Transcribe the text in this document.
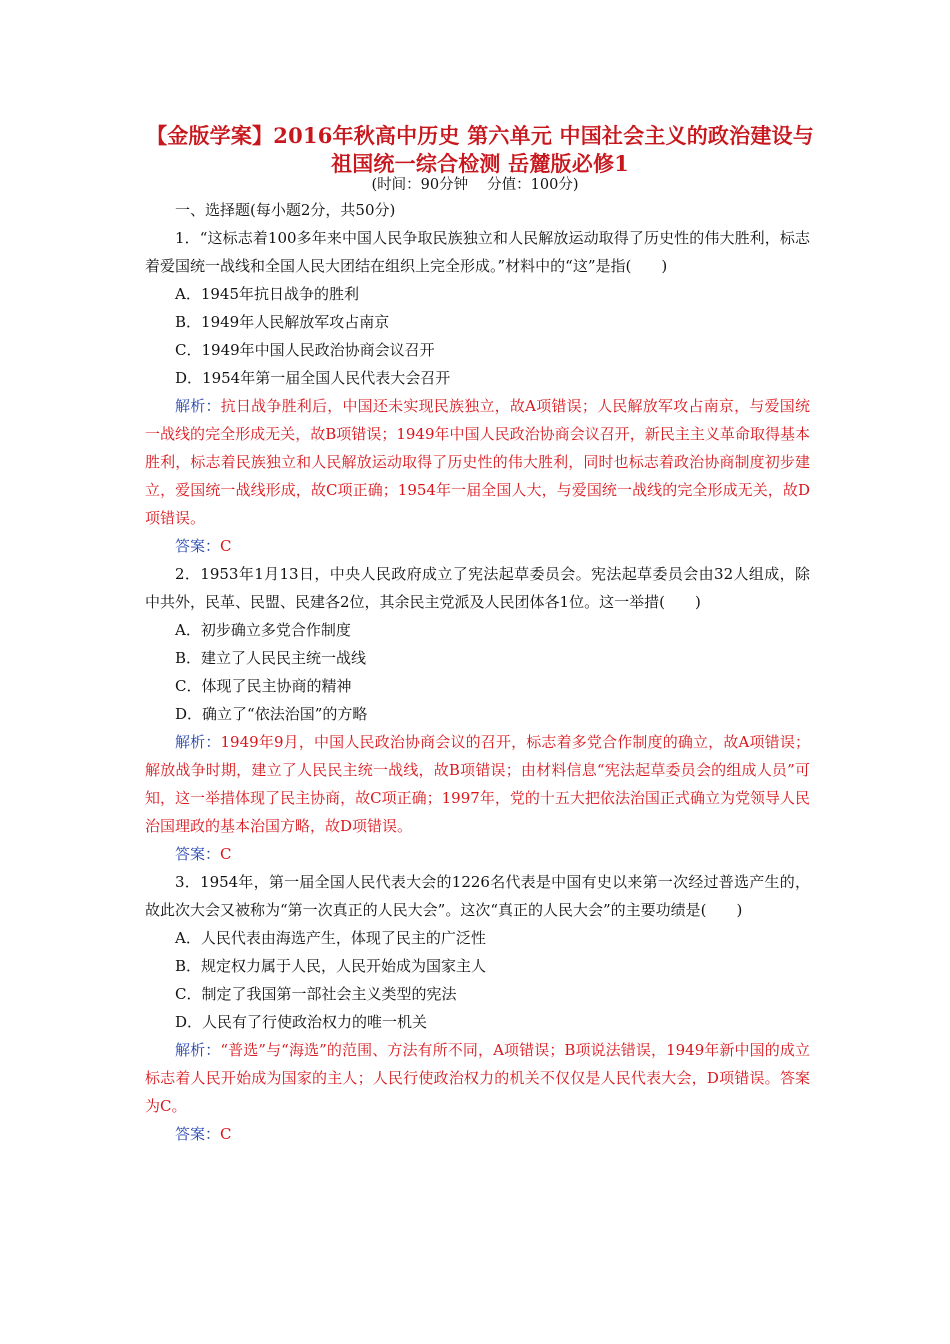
【金版学案】2016年秋高中历史 第六单元 中国社会主义的政治建设与祖国统一综合检测 岳麓版必修1
(时间：90分钟　 分值：100分)
一、选择题(每小题2分，共50分)

1．“这标志着100多年来中国人民争取民族独立和人民解放运动取得了历史性的伟大胜利，标志着爱国统一战线和全国人民大团结在组织上完全形成。”材料中的“这”是指(　　)

A．1945年抗日战争的胜利
B．1949年人民解放军攻占南京
C．1949年中国人民政治协商会议召开
D．1954年第一届全国人民代表大会召开

解析：抗日战争胜利后，中国还未实现民族独立，故A项错误；人民解放军攻占南京，与爱国统一战线的完全形成无关，故B项错误；1949年中国人民政治协商会议召开，新民主主义革命取得基本胜利，标志着民族独立和人民解放运动取得了历史性的伟大胜利，同时也标志着政治协商制度初步建立，爱国统一战线形成，故C项正确；1954年一届全国人大，与爱国统一战线的完全形成无关，故D项错误。

答案：C

2．1953年1月13日，中央人民政府成立了宪法起草委员会。宪法起草委员会由32人组成，除中共外，民革、民盟、民建各2位，其余民主党派及人民团体各1位。这一举措(　　)

A．初步确立多党合作制度
B．建立了人民民主统一战线
C．体现了民主协商的精神
D．确立了“依法治国”的方略

解析：1949年9月，中国人民政治协商会议的召开，标志着多党合作制度的确立，故A项错误；解放战争时期，建立了人民民主统一战线，故B项错误；由材料信息“宪法起草委员会的组成人员”可知，这一举措体现了民主协商，故C项正确；1997年，党的十五大把依法治国正式确立为党领导人民治国理政的基本治国方略，故D项错误。

答案：C

3．1954年，第一届全国人民代表大会的1226名代表是中国有史以来第一次经过普选产生的，故此次大会又被称为“第一次真正的人民大会”。这次“真正的人民大会”的主要功绩是(　　)

A．人民代表由海选产生，体现了民主的广泛性
B．规定权力属于人民，人民开始成为国家主人
C．制定了我国第一部社会主义类型的宪法
D．人民有了行使政治权力的唯一机关

解析：“普选”与“海选”的范围、方法有所不同，A项错误；B项说法错误，1949年新中国的成立标志着人民开始成为国家的主人；人民行使政治权力的机关不仅仅是人民代表大会，D项错误。答案为C。

答案：C
